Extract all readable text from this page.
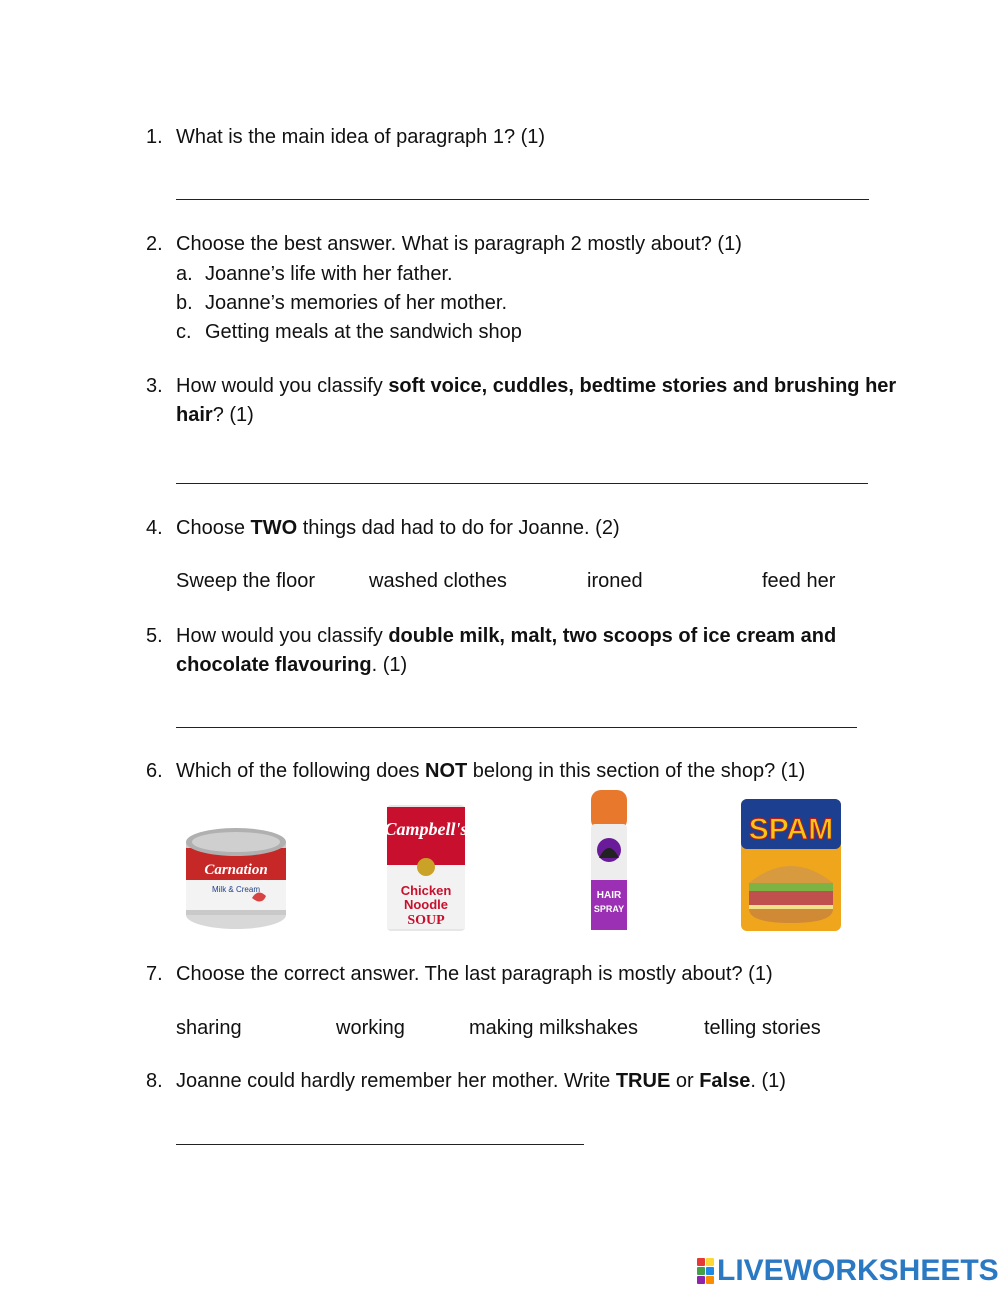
1. What is the main idea of paragraph 1? (1)
2. Choose the best answer. What is paragraph 2 mostly about? (1)
a. Joanne’s life with her father.
b. Joanne’s memories of her mother.
c. Getting meals at the sandwich shop
3. How would you classify soft voice, cuddles, bedtime stories and brushing her
hair? (1)
4. Choose TWO things dad had to do for Joanne. (2)
Sweep the floor	washed clothes	ironed	feed her
5. How would you classify double milk, malt, two scoops of ice cream and
chocolate flavouring. (1)
6. Which of the following does NOT belong in this section of the shop? (1)
Carnation
Milk & Cream
Campbell's
Chicken
Noodle
SOUP
HAIR
SPRAY
SPAM
7. Choose the correct answer. The last paragraph is mostly about? (1)
sharing	working	making milkshakes	telling stories
8. Joanne could hardly remember her mother. Write TRUE or False. (1)
LIVEWORKSHEETS
